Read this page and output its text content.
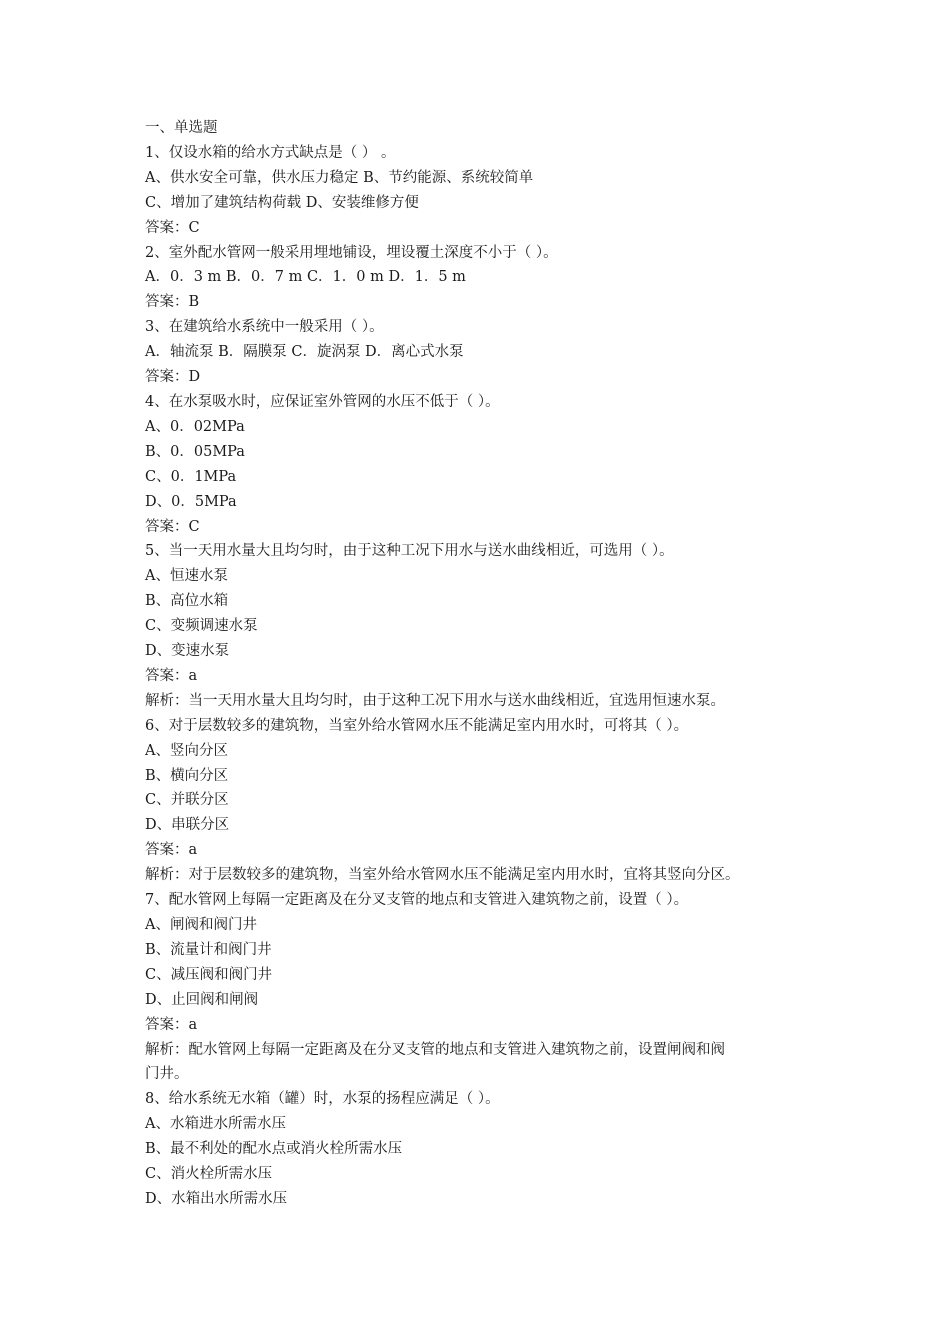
一、单选题
1、仅设水箱的给水方式缺点是（ ） 。
A、供水安全可靠，供水压力稳定 B、节约能源、系统较简单
C、增加了建筑结构荷载 D、安装维修方便
答案：C
2、室外配水管网一般采用埋地铺设，埋设覆土深度不小于（ ）。
A．0．3 m B．0．7 m C．1．0 m D．1．5 m
答案：B
3、在建筑给水系统中一般采用（ ）。
A．轴流泵 B．隔膜泵 C．旋涡泵 D．离心式水泵
答案：D
4、在水泵吸水时，应保证室外管网的水压不低于（ ）。
A、0．02MPa
B、0．05MPa
C、0．1MPa
D、0．5MPa
答案：C
5、当一天用水量大且均匀时，由于这种工况下用水与送水曲线相近，可选用（ ）。
A、恒速水泵
B、高位水箱
C、变频调速水泵
D、变速水泵
答案：a
解析：当一天用水量大且均匀时，由于这种工况下用水与送水曲线相近，宜选用恒速水泵。
6、对于层数较多的建筑物，当室外给水管网水压不能满足室内用水时，可将其（ ）。
A、竖向分区
B、横向分区
C、并联分区
D、串联分区
答案：a
解析：对于层数较多的建筑物，当室外给水管网水压不能满足室内用水时，宜将其竖向分区。
7、配水管网上每隔一定距离及在分叉支管的地点和支管进入建筑物之前，设置（ ）。
A、闸阀和阀门井
B、流量计和阀门井
C、减压阀和阀门井
D、止回阀和闸阀
答案：a
解析：配水管网上每隔一定距离及在分叉支管的地点和支管进入建筑物之前，设置闸阀和阀
门井。
8、给水系统无水箱（罐）时，水泵的扬程应满足（ ）。
A、水箱进水所需水压
B、最不利处的配水点或消火栓所需水压
C、消火栓所需水压
D、水箱出水所需水压
